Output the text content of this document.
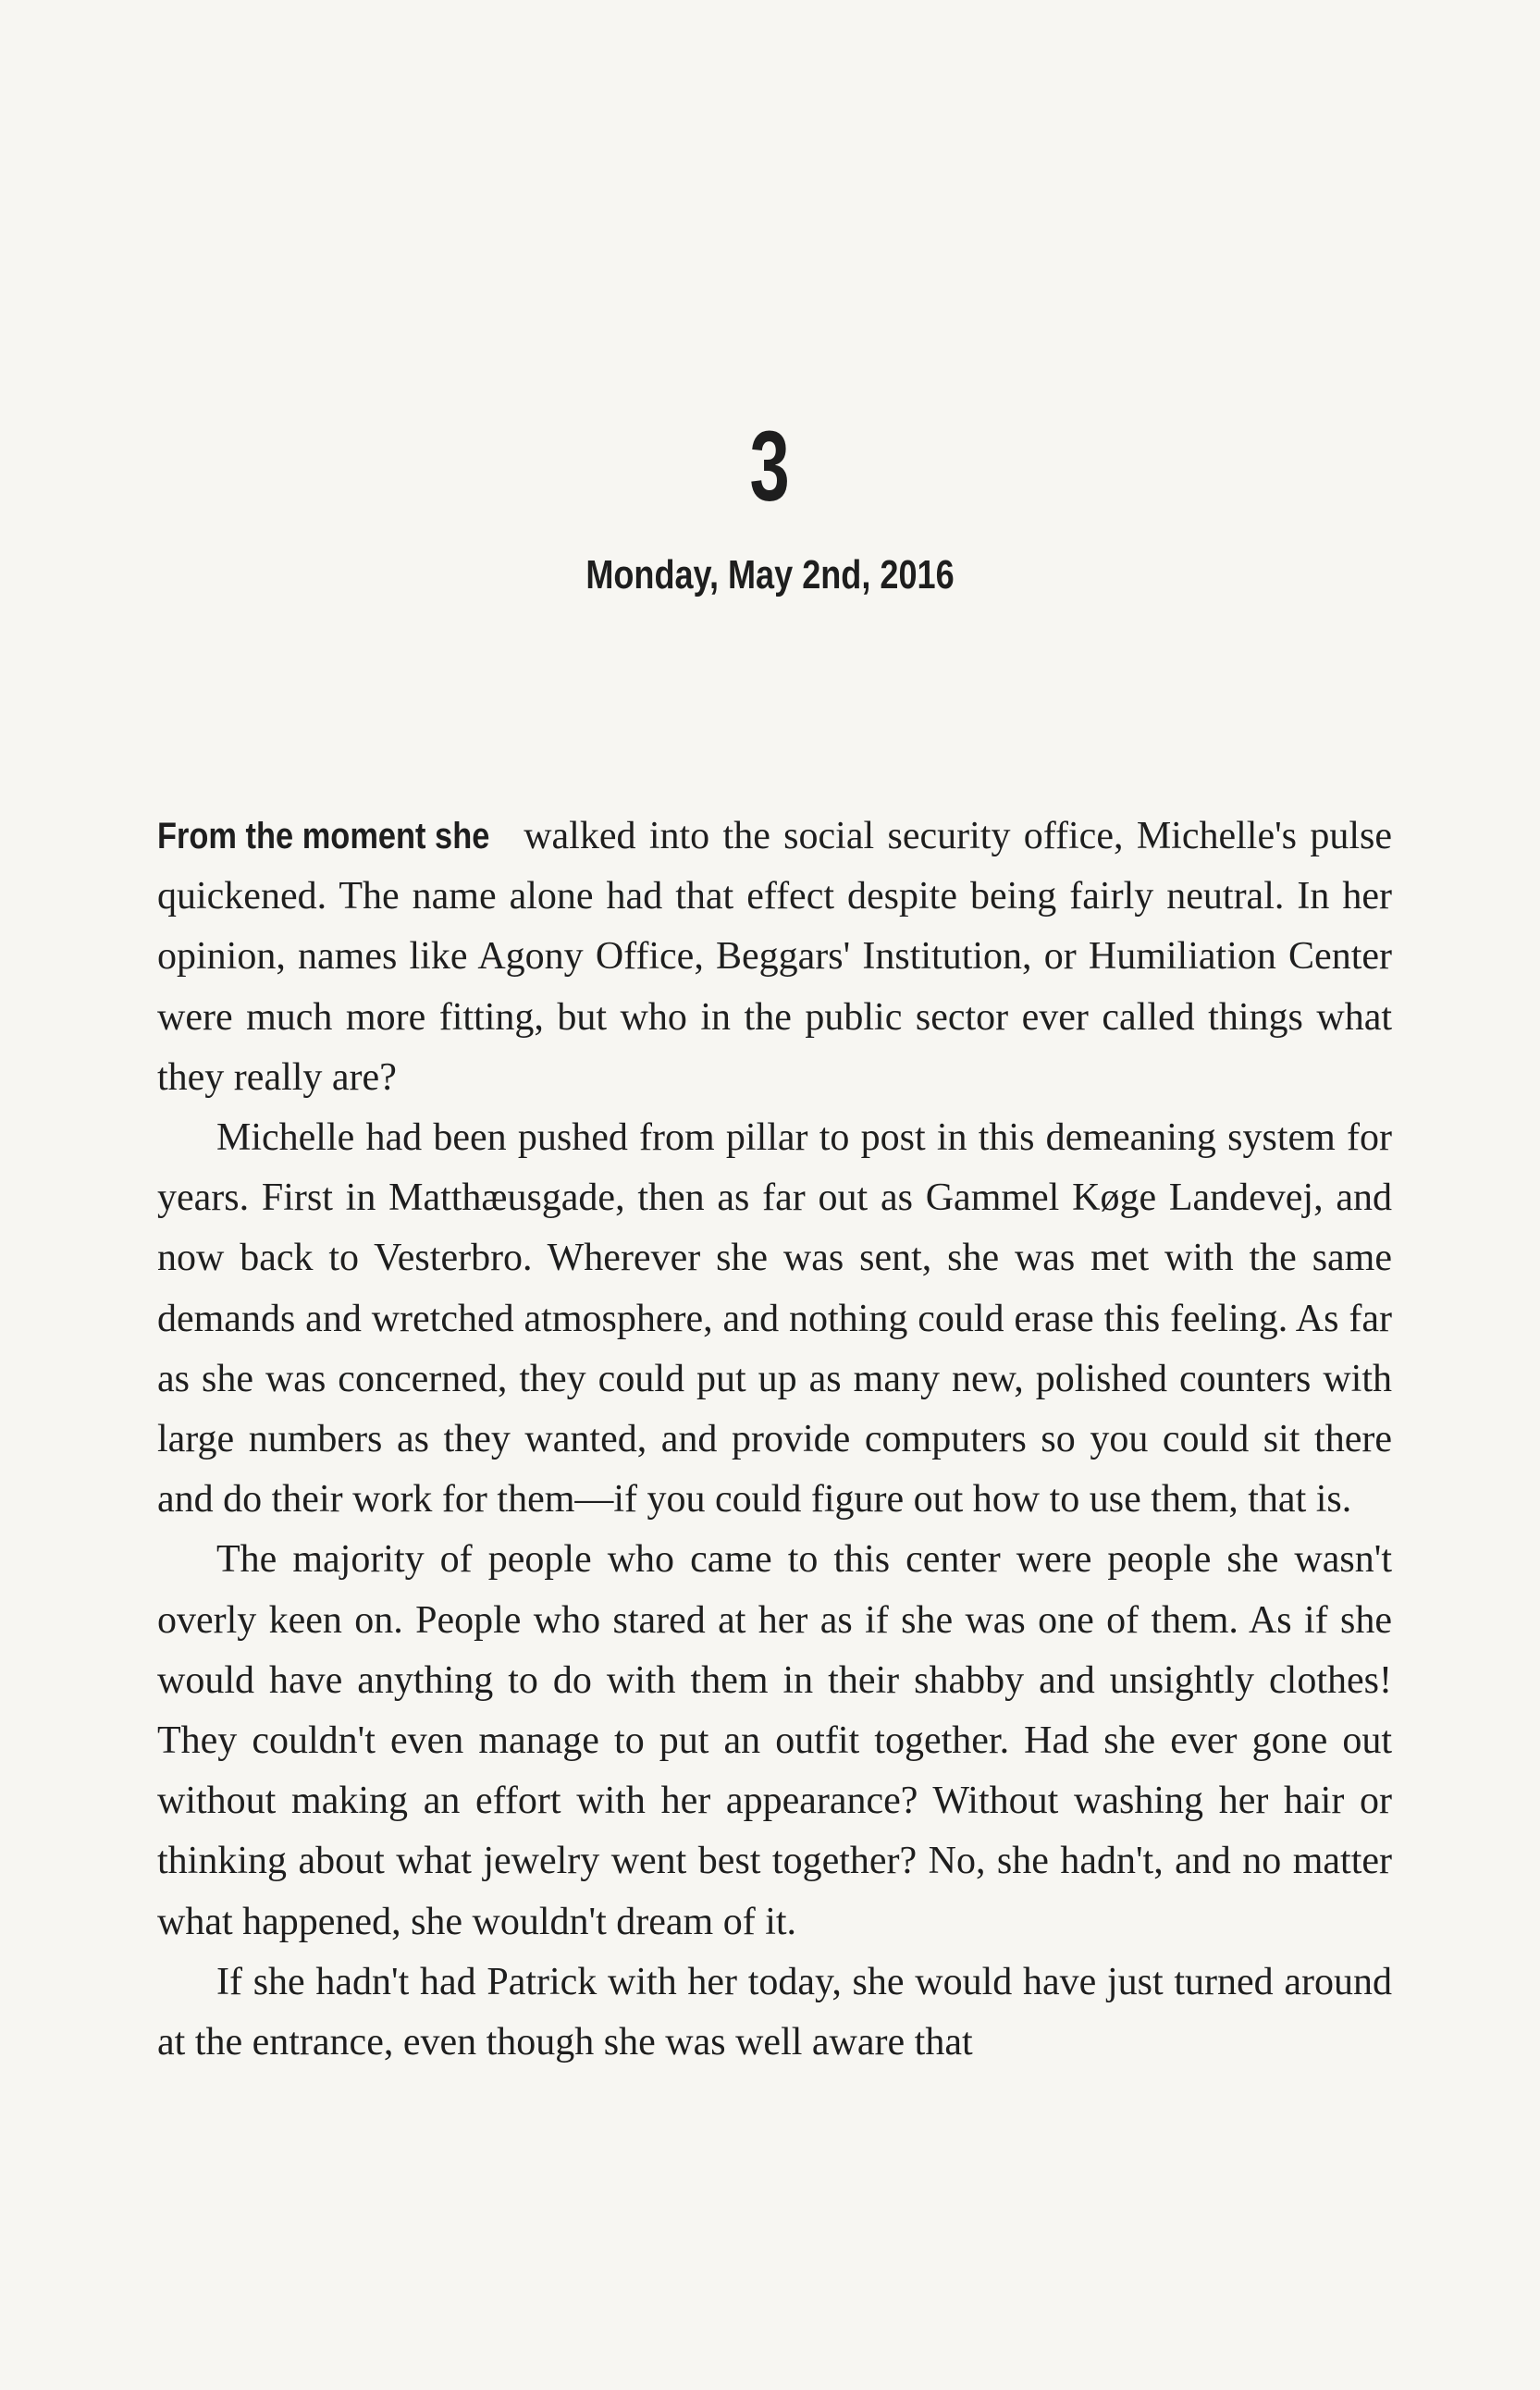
3
Monday, May 2nd, 2016

From the moment she walked into the social security office, Michelle's pulse quickened. The name alone had that effect despite being fairly neutral. In her opinion, names like Agony Office, Beggars' Institution, or Humiliation Center were much more fitting, but who in the public sector ever called things what they really are?

Michelle had been pushed from pillar to post in this demeaning system for years. First in Matthæusgade, then as far out as Gammel Køge Landevej, and now back to Vesterbro. Wherever she was sent, she was met with the same demands and wretched atmosphere, and nothing could erase this feeling. As far as she was concerned, they could put up as many new, polished counters with large numbers as they wanted, and provide computers so you could sit there and do their work for them—if you could figure out how to use them, that is.

The majority of people who came to this center were people she wasn't overly keen on. People who stared at her as if she was one of them. As if she would have anything to do with them in their shabby and unsightly clothes! They couldn't even manage to put an outfit together. Had she ever gone out without making an effort with her appearance? Without washing her hair or thinking about what jewelry went best together? No, she hadn't, and no matter what happened, she wouldn't dream of it.

If she hadn't had Patrick with her today, she would have just turned around at the entrance, even though she was well aware that
